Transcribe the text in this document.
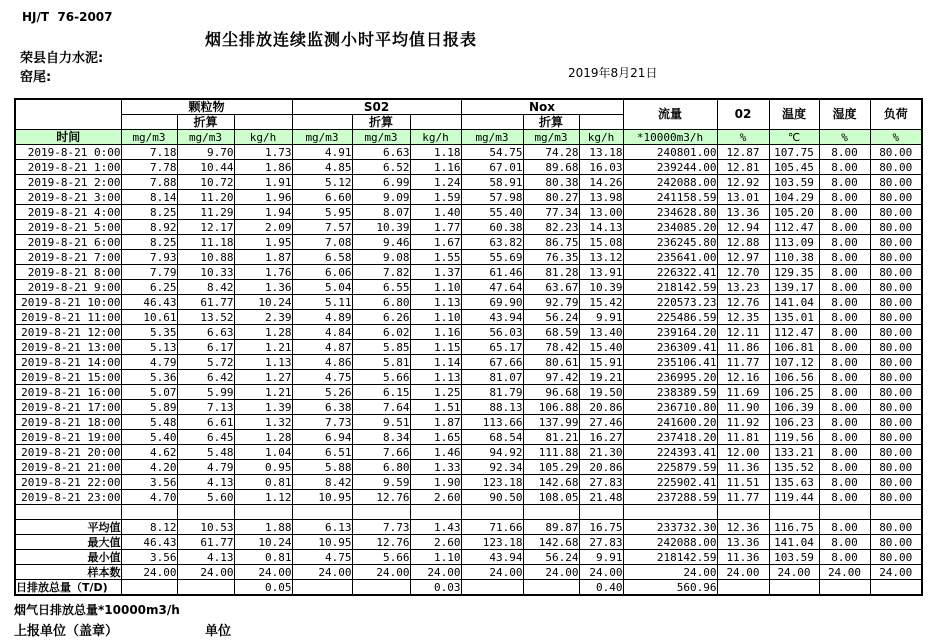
HJ/T  76-2007
烟尘排放连续监测小时平均值日报表
荣县自力水泥:
窑尾:	2019年8月21日
	颗粒物			S02			Nox			流量	02	温度	湿度	负荷
		折算			折算			折算						
时间	mg/m3	mg/m3	kg/h	mg/m3	mg/m3	kg/h	mg/m3	mg/m3	kg/h	*10000m3/h	%	℃	%	%
2019-8-21 0:00	7.18	9.70	1.73	4.91	6.63	1.18	54.75	74.28	13.18	240801.00	12.87	107.75	8.00	80.00
2019-8-21 1:00	7.78	10.44	1.86	4.85	6.52	1.16	67.01	89.68	16.03	239244.00	12.81	105.45	8.00	80.00
2019-8-21 2:00	7.88	10.72	1.91	5.12	6.99	1.24	58.91	80.38	14.26	242088.00	12.92	103.59	8.00	80.00
2019-8-21 3:00	8.14	11.20	1.96	6.60	9.09	1.59	57.98	80.27	13.98	241158.59	13.01	104.29	8.00	80.00
2019-8-21 4:00	8.25	11.29	1.94	5.95	8.07	1.40	55.40	77.34	13.00	234628.80	13.36	105.20	8.00	80.00
2019-8-21 5:00	8.92	12.17	2.09	7.57	10.39	1.77	60.38	82.23	14.13	234085.20	12.94	112.47	8.00	80.00
2019-8-21 6:00	8.25	11.18	1.95	7.08	9.46	1.67	63.82	86.75	15.08	236245.80	12.88	113.09	8.00	80.00
2019-8-21 7:00	7.93	10.88	1.87	6.58	9.08	1.55	55.69	76.35	13.12	235641.00	12.97	110.38	8.00	80.00
2019-8-21 8:00	7.79	10.33	1.76	6.06	7.82	1.37	61.46	81.28	13.91	226322.41	12.70	129.35	8.00	80.00
2019-8-21 9:00	6.25	8.42	1.36	5.04	6.55	1.10	47.64	63.67	10.39	218142.59	13.23	139.17	8.00	80.00
2019-8-21 10:00	46.43	61.77	10.24	5.11	6.80	1.13	69.90	92.79	15.42	220573.23	12.76	141.04	8.00	80.00
2019-8-21 11:00	10.61	13.52	2.39	4.89	6.26	1.10	43.94	56.24	9.91	225486.59	12.35	135.01	8.00	80.00
2019-8-21 12:00	5.35	6.63	1.28	4.84	6.02	1.16	56.03	68.59	13.40	239164.20	12.11	112.47	8.00	80.00
2019-8-21 13:00	5.13	6.17	1.21	4.87	5.85	1.15	65.17	78.42	15.40	236309.41	11.86	106.81	8.00	80.00
2019-8-21 14:00	4.79	5.72	1.13	4.86	5.81	1.14	67.66	80.61	15.91	235106.41	11.77	107.12	8.00	80.00
2019-8-21 15:00	5.36	6.42	1.27	4.75	5.66	1.13	81.07	97.42	19.21	236995.20	12.16	106.56	8.00	80.00
2019-8-21 16:00	5.07	5.99	1.21	5.26	6.15	1.25	81.79	96.68	19.50	238389.59	11.69	106.25	8.00	80.00
2019-8-21 17:00	5.89	7.13	1.39	6.38	7.64	1.51	88.13	106.88	20.86	236710.80	11.90	106.39	8.00	80.00
2019-8-21 18:00	5.48	6.61	1.32	7.73	9.51	1.87	113.66	137.99	27.46	241600.20	11.92	106.23	8.00	80.00
2019-8-21 19:00	5.40	6.45	1.28	6.94	8.34	1.65	68.54	81.21	16.27	237418.20	11.81	119.56	8.00	80.00
2019-8-21 20:00	4.62	5.48	1.04	6.51	7.66	1.46	94.92	111.88	21.30	224393.41	12.00	133.21	8.00	80.00
2019-8-21 21:00	4.20	4.79	0.95	5.88	6.80	1.33	92.34	105.29	20.86	225879.59	11.36	135.52	8.00	80.00
2019-8-21 22:00	3.56	4.13	0.81	8.42	9.59	1.90	123.18	142.68	27.83	225902.41	11.51	135.63	8.00	80.00
2019-8-21 23:00	4.70	5.60	1.12	10.95	12.76	2.60	90.50	108.05	21.48	237288.59	11.77	119.44	8.00	80.00

平均值	8.12	10.53	1.88	6.13	7.73	1.43	71.66	89.87	16.75	233732.30	12.36	116.75	8.00	80.00
最大值	46.43	61.77	10.24	10.95	12.76	2.60	123.18	142.68	27.83	242088.00	13.36	141.04	8.00	80.00
最小值	3.56	4.13	0.81	4.75	5.66	1.10	43.94	56.24	9.91	218142.59	11.36	103.59	8.00	80.00
样本数	24.00	24.00	24.00	24.00	24.00	24.00	24.00	24.00	24.00	24.00	24.00	24.00	24.00	24.00
日排放总量（T/D)			0.05			0.03			0.40	560.96				
烟气日排放总量*10000m3/h
上报单位（盖章）	单位
